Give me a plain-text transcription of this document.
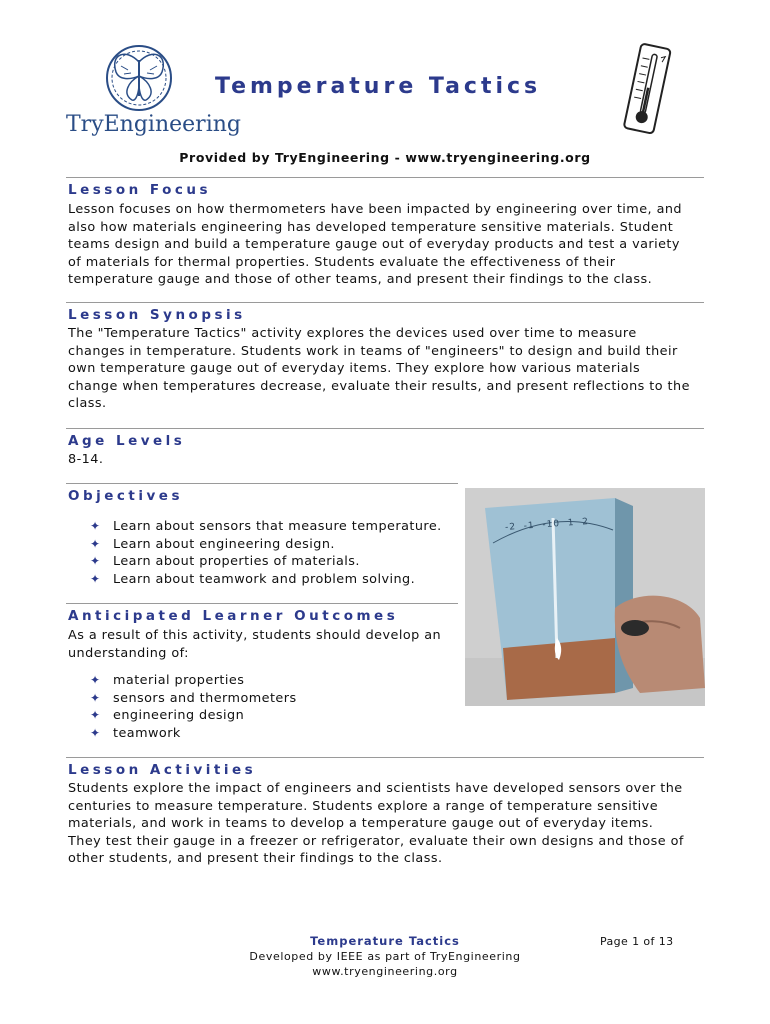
TryEngineering
Temperature Tactics
Provided by TryEngineering - www.tryengineering.org
Lesson Focus

Lesson focuses on how thermometers have been impacted by engineering over time, and

also how materials engineering has developed temperature sensitive materials. Student

teams design and build a temperature gauge out of everyday products and test a variety

of materials for thermal properties. Students evaluate the effectiveness of their

temperature gauge and those of other teams, and present their findings to the class.

Lesson Synopsis

The "Temperature Tactics" activity explores the devices used over time to measure

changes in temperature. Students work in teams of "engineers" to design and build their

own temperature gauge out of everyday items. They explore how various materials

change when temperatures decrease, evaluate their results, and present reflections to the

class.

Age Levels
8-14.
Objectives
✦ Learn about sensors that measure temperature.
✦ Learn about engineering design.
✦ Learn about properties of materials.
✦ Learn about teamwork and problem solving.
-2 -1 -10 1 2
Anticipated Learner Outcomes

As a result of this activity, students should develop an

understanding of:

✦ material properties
✦ sensors and thermometers
✦ engineering design
✦ teamwork
Lesson Activities

Students explore the impact of engineers and scientists have developed sensors over the

centuries to measure temperature. Students explore a range of temperature sensitive

materials, and work in teams to develop a temperature gauge out of everyday items.

They test their gauge in a freezer or refrigerator, evaluate their own designs and those of

other students, and present their findings to the class.

Temperature Tactics	Page 1 of 13
Developed by IEEE as part of TryEngineering
www.tryengineering.org
